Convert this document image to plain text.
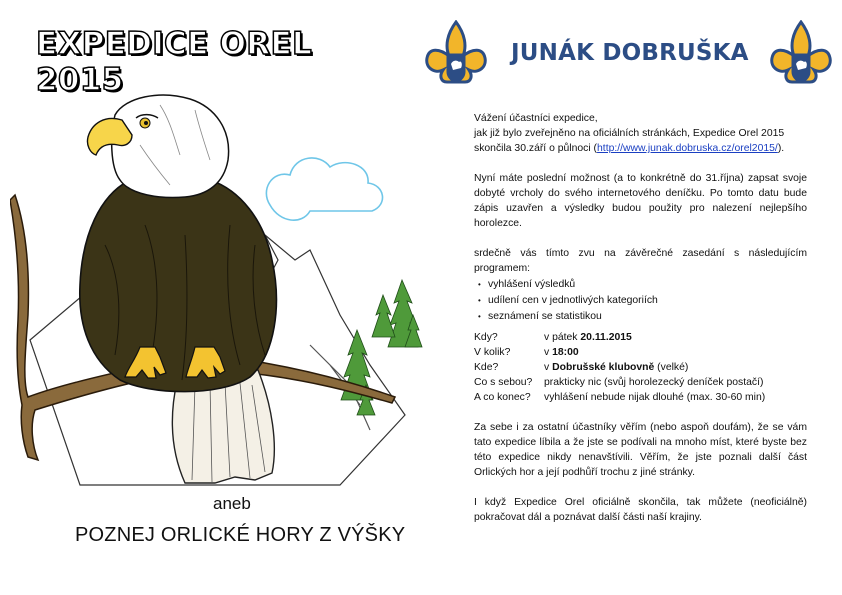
EXPEDICE OREL 2015
aneb
POZNEJ ORLICKÉ HORY Z VÝŠKY
JUNÁK DOBRUŠKA

Vážení účastníci expedice,

jak již bylo zveřejněno na oficiálních stránkách, Expedice Orel 2015 skončila 30.září o půlnoci (http://www.junak.dobruska.cz/orel2015/).

Nyní máte poslední možnost (a to konkrétně do 31.října) zapsat svoje dobyté vrcholy do svého internetového deníčku. Po tomto datu bude zápis uzavřen a výsledky budou použity pro nalezení nejlepšího horolezce.

srdečně vás tímto zvu na závěrečné zasedání s následujícím programem:

• vyhlášení výsledků
• udílení cen v jednotlivých kategoriích
• seznámení se statistikou
Kdy?	v pátek 20.11.2015
V kolik?	v 18:00
Kde?	v Dobrušské klubovně (velké)
Co s sebou?	prakticky nic (svůj horolezecký deníček postačí)
A co konec?	vyhlášení nebude nijak dlouhé (max. 30-60 min)

Za sebe i za ostatní účastníky věřím (nebo aspoň doufám), že se vám tato expedice líbila a že jste se podívali na mnoho míst, které byste bez této expedice nikdy nenavštívili. Věřím, že jste poznali další část Orlických hor a její podhůří trochu z jiné stránky.

I když Expedice Orel oficiálně skončila, tak můžete (neoficiálně) pokračovat dál a poznávat další části naší krajiny.
